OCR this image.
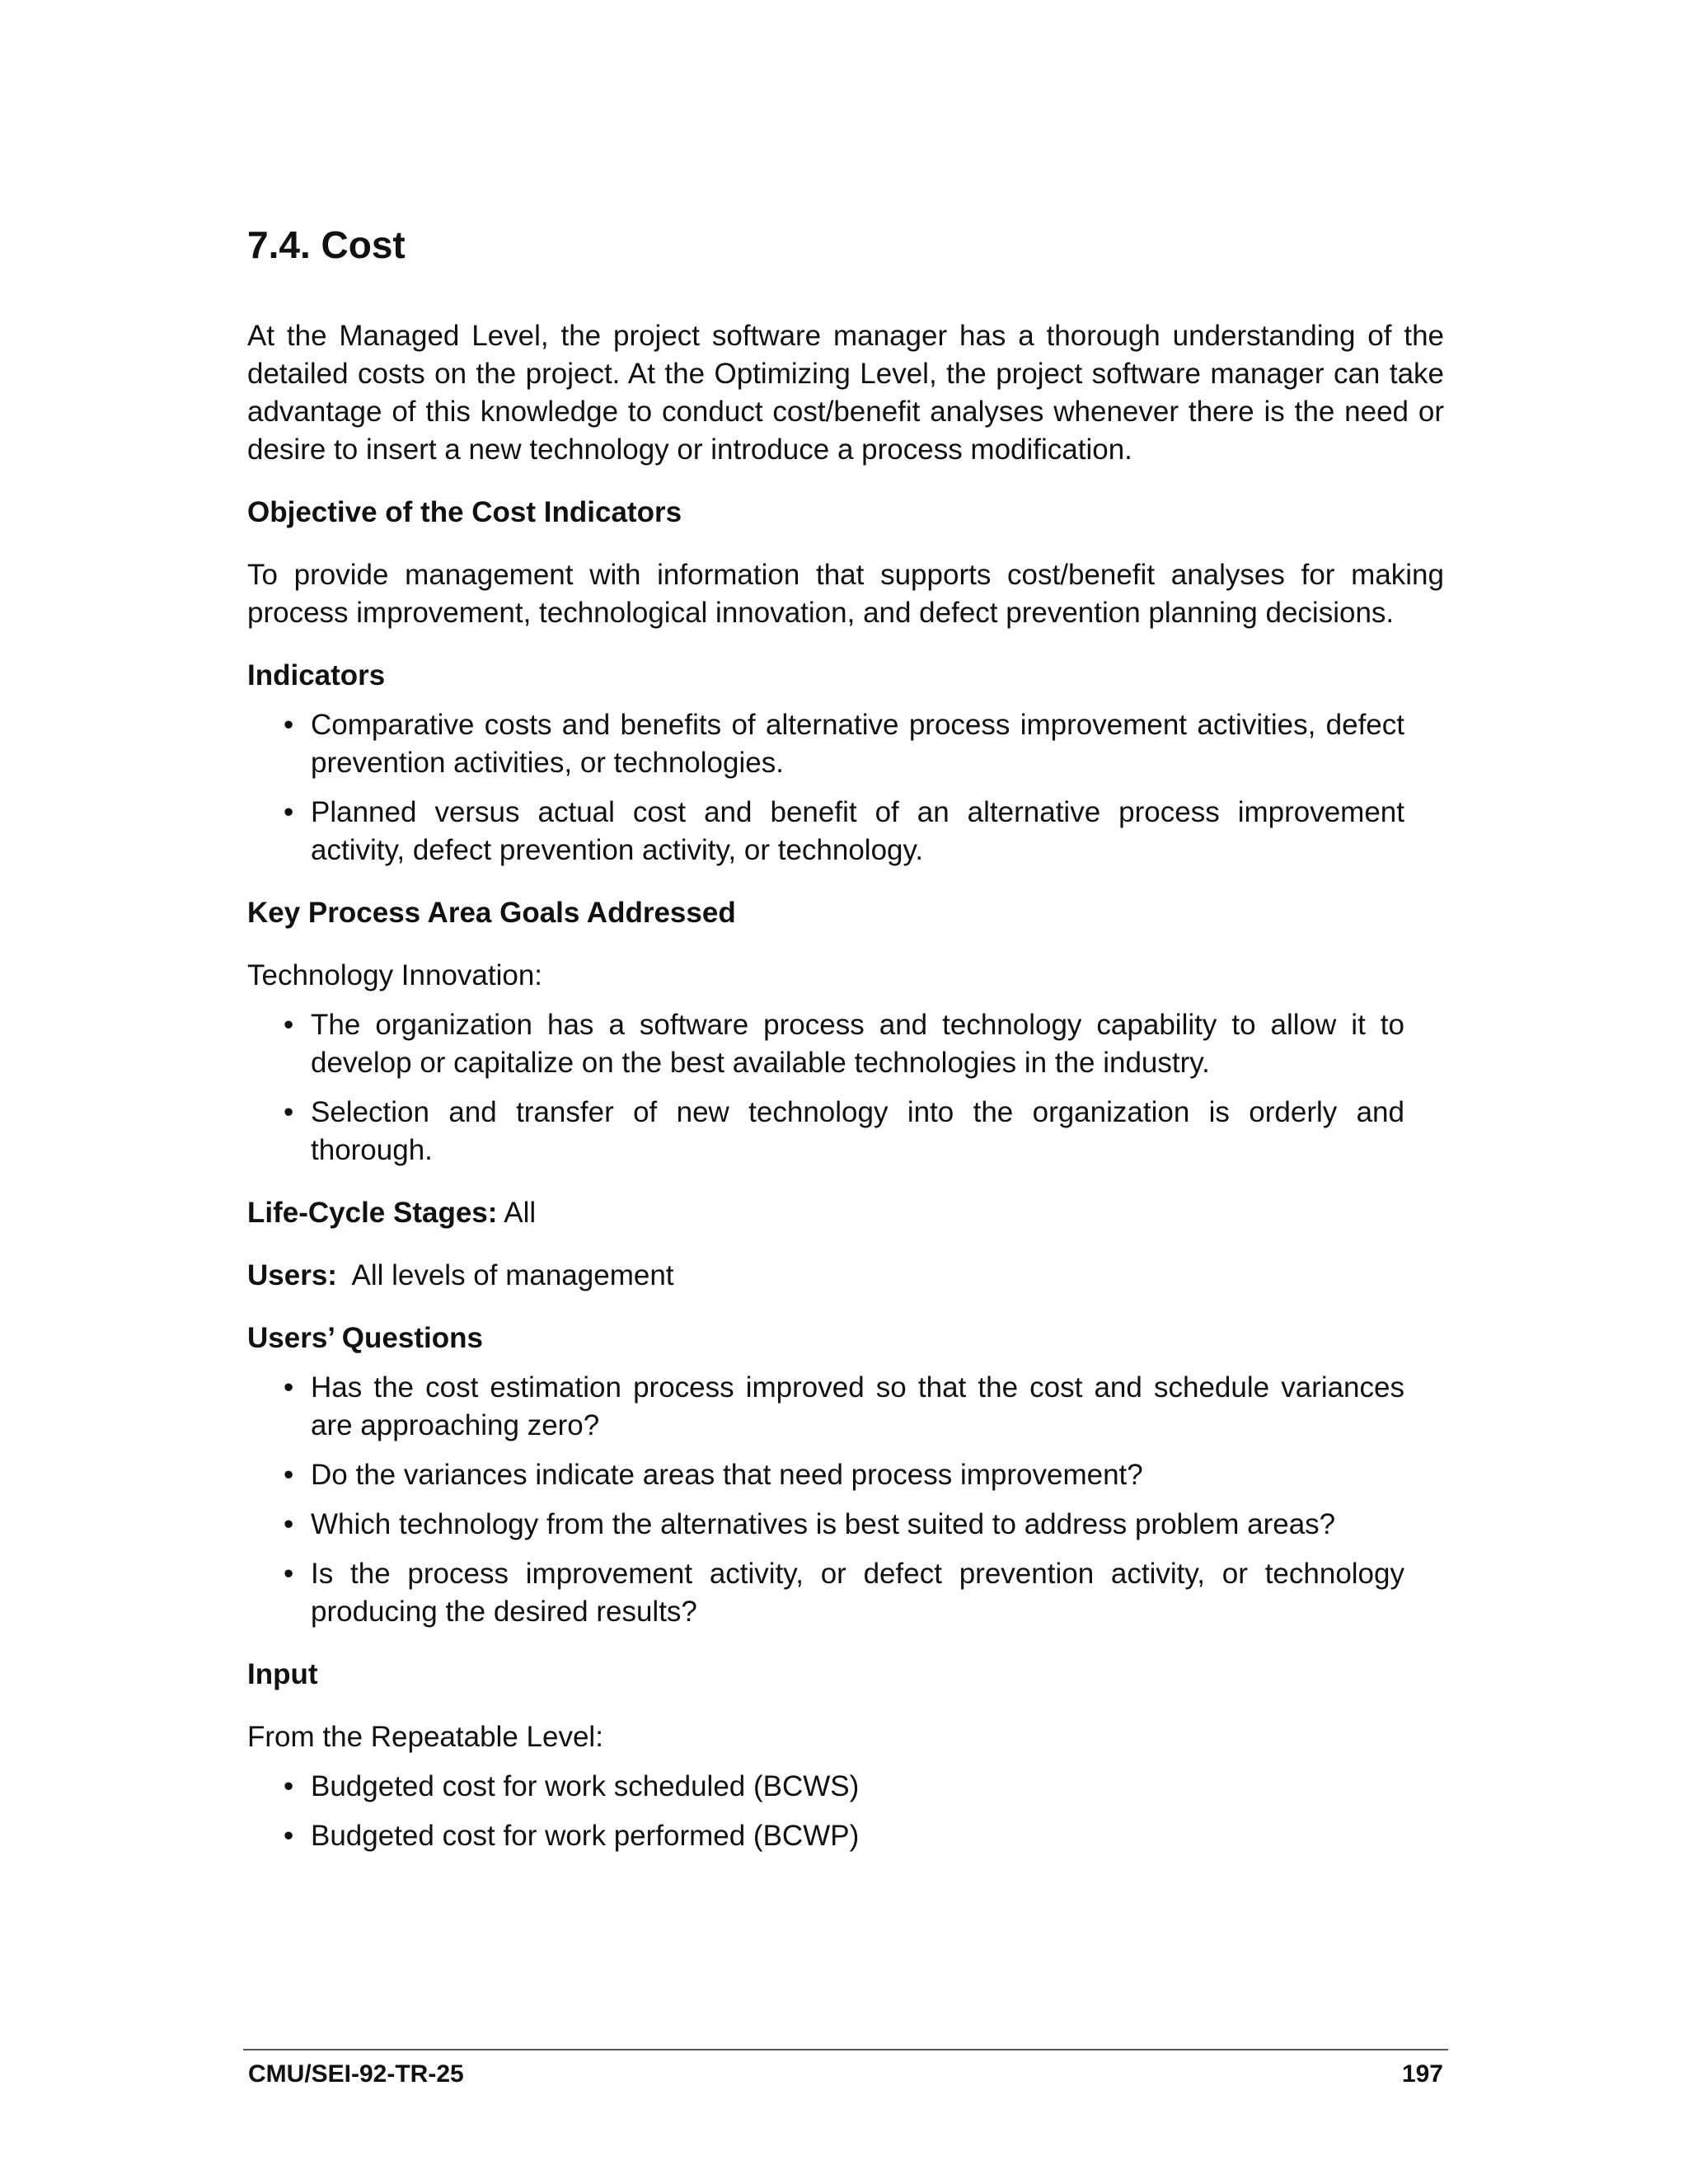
7.4. Cost

At the Managed Level, the project software manager has a thorough understanding of the detailed costs on the project. At the Optimizing Level, the project software manager can take advantage of this knowledge to conduct cost/benefit analyses whenever there is the need or desire to insert a new technology or introduce a process modification.

Objective of the Cost Indicators

To provide management with information that supports cost/benefit analyses for making process improvement, technological innovation, and defect prevention planning decisions.

Indicators
• Comparative costs and benefits of alternative process improvement activities, defect prevention activities, or technologies.
• Planned versus actual cost and benefit of an alternative process improvement activity, defect prevention activity, or technology.
Key Process Area Goals Addressed

Technology Innovation:

• The organization has a software process and technology capability to allow it to develop or capitalize on the best available technologies in the industry.
• Selection and transfer of new technology into the organization is orderly and thorough.

Life-Cycle Stages: All

Users:  All levels of management

Users’ Questions
• Has the cost estimation process improved so that the cost and schedule variances are approaching zero?
• Do the variances indicate areas that need process improvement?
• Which technology from the alternatives is best suited to address problem areas?
• Is the process improvement activity, or defect prevention activity, or technology producing the desired results?
Input

From the Repeatable Level:

• Budgeted cost for work scheduled (BCWS)
• Budgeted cost for work performed (BCWP)
CMU/SEI-92-TR-25	197
